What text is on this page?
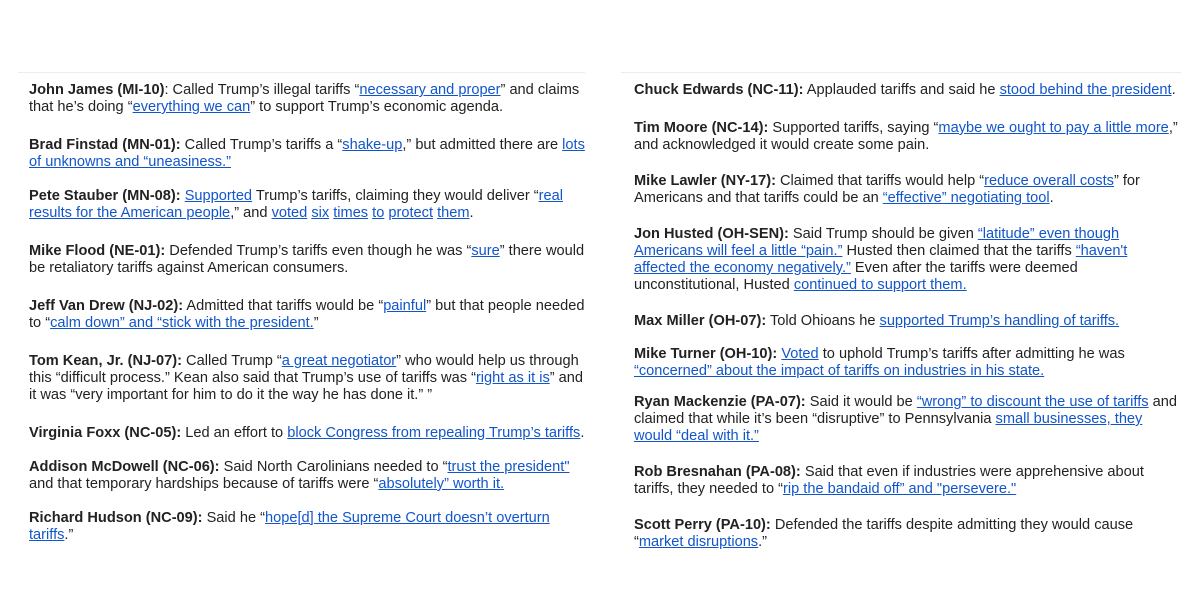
John James (MI-10): Called Trump’s illegal tariffs “necessary and proper” and claims that he’s doing “everything we can” to support Trump’s economic agenda.
Brad Finstad (MN-01): Called Trump’s tariffs a “shake-up,” but admitted there are lots of unknowns and “uneasiness.”
Pete Stauber (MN-08): Supported Trump’s tariffs, claiming they would deliver “real results for the American people,” and voted six times to protect them.
Mike Flood (NE-01): Defended Trump’s tariffs even though he was “sure” there would be retaliatory tariffs against American consumers.
Jeff Van Drew (NJ-02): Admitted that tariffs would be “painful” but that people needed to “calm down” and “stick with the president.”
Tom Kean, Jr. (NJ-07): Called Trump “a great negotiator” who would help us through this “difficult process.” Kean also said that Trump’s use of tariffs was “right as it is” and it was “very important for him to do it the way he has done it.” ”
Virginia Foxx (NC-05): Led an effort to block Congress from repealing Trump’s tariffs.
Addison McDowell (NC-06): Said North Carolinians needed to “trust the president" and that temporary hardships because of tariffs were “absolutely” worth it.
Richard Hudson (NC-09): Said he “hope[d] the Supreme Court doesn’t overturn tariffs.”
Chuck Edwards (NC-11): Applauded tariffs and said he stood behind the president.
Tim Moore (NC-14): Supported tariffs, saying “maybe we ought to pay a little more,” and acknowledged it would create some pain.
Mike Lawler (NY-17): Claimed that tariffs would help “reduce overall costs” for Americans and that tariffs could be an “effective” negotiating tool.
Jon Husted (OH-SEN): Said Trump should be given “latitude” even though Americans will feel a little “pain.” Husted then claimed that the tariffs “haven't affected the economy negatively.” Even after the tariffs were deemed unconstitutional, Husted continued to support them.
Max Miller (OH-07): Told Ohioans he supported Trump’s handling of tariffs.
Mike Turner (OH-10): Voted to uphold Trump’s tariffs after admitting he was “concerned” about the impact of tariffs on industries in his state.
Ryan Mackenzie (PA-07): Said it would be “wrong” to discount the use of tariffs and claimed that while it’s been “disruptive” to Pennsylvania small businesses, they would “deal with it.”
Rob Bresnahan (PA-08): Said that even if industries were apprehensive about tariffs, they needed to “rip the bandaid off” and "persevere."
Scott Perry (PA-10): Defended the tariffs despite admitting they would cause “market disruptions.”
